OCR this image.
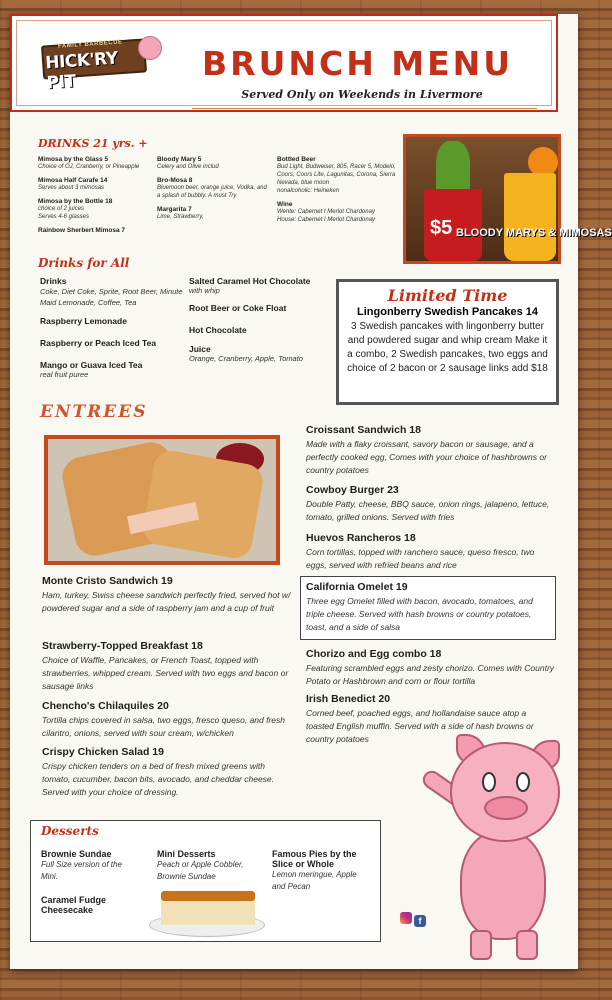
FAMILY BARBECUE
HICK'RY PIT	BRUNCH MENU
Served Only on Weekends in Livermore
DRINKS 21 yrs. +
Mimosa by the Glass 5
Choice of OJ, Cranberry, or Pineapple
Mimosa Half Carafe 14
Serves about 3 mimosas
Mimosa by the Bottle 18
choice of 2 juices
Serves 4-6 glasses
Rainbow Sherbert Mimosa 7
Bloody Mary 5
Celery and Olive includ
Bro-Mosa 8
Bluemoon beer, orange juice, Vodka, and a splash of bubbly. A must Try
Margarita 7
Lime, Strawberry,
Bottled Beer
Bud Light, Budweiser, 805, Racer 5, Modelo, Coors, Coors Lite, Lagunitas, Corona, Sierra Nevada, blue moon
nonalcoholic: Heineken
Wine
Wente: Cabernet I Merlot Chardonay
House: Cabernet I Merlot Chardonay	$5 BLOODY MARYS & MIMOSAS
Drinks for All
Drinks
Coke, Diet Coke, Sprite, Root Beer, Minute Maid Lemonade, Coffee, Tea
Raspberry Lemonade
Raspberry or Peach Iced Tea
Mango or Guava Iced Tea
real fruit puree
Salted Caramel Hot Chocolate
with whip
Root Beer or Coke Float
Hot Chocolate
Juice
Orange, Cranberry, Apple, Tomato
Limited Time
Lingonberry Swedish Pancakes 14
3 Swedish pancakes with lingonberry butter and powdered sugar and whip cream Make it a combo, 2 Swedish pancakes, two eggs and choice of 2 bacon or 2 sausage links add $18
ENTREES
Monte Cristo Sandwich 19
Ham, turkey, Swiss cheese sandwich perfectly fried, served hot w/ powdered sugar and a side of raspberry jam and a cup of fruit
Strawberry-Topped Breakfast 18
Choice of Waffle, Pancakes, or French Toast, topped with strawberries, whipped cream. Served with two eggs and bacon or sausage links
Chencho's Chilaquiles 20
Tortilla chips covered in salsa, two eggs, fresco queso, and fresh cilantro, onions, served with sour cream, w/chicken
Crispy Chicken Salad 19
Crispy chicken tenders on a bed of fresh mixed greens with tomato, cucumber, bacon bits, avocado, and cheddar cheese. Served with your choice of dressing.
Croissant Sandwich 18
Made with a flaky croissant, savory bacon or sausage, and a perfectly cooked egg, Comes with your choice of hashbrowns or country potatoes
Cowboy Burger 23
Double Patty, cheese, BBQ sauce, onion rings, jalapeno, lettuce, tomato, grilled onions. Served with fries
Huevos Rancheros 18
Corn tortillas, topped with ranchero sauce, queso fresco, two eggs, served with refried beans and rice
California Omelet 19
Three egg Omelet filled with bacon, avocado, tomatoes, and triple cheese. Served with hash browns or country potatoes, toast, and a side of salsa
Chorizo and Egg combo 18
Featuring scrambled eggs and zesty chorizo. Comes with Country Potato or Hashbrown and corn or flour tortilla
Irish Benedict 20
Corned beef, poached eggs, and hollandaise sauce atop a toasted English muffin. Served with a side of hash browns or country potatoes
Desserts
Brownie Sundae
Full Size version of the Mini.
Caramel Fudge Cheesecake
Mini Desserts
Peach or Apple Cobbler, Brownie Sundae
Famous Pies by the Slice or Whole
Lemon meringue, Apple and Pecan
f
